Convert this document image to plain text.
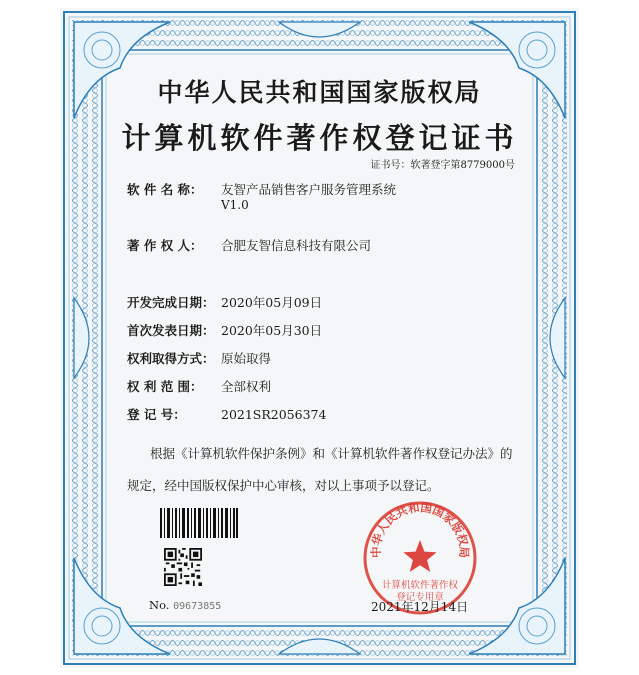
中华人民共和国国家版权局
计算机软件著作权登记证书
证书号：软著登字第8779000号
软 件 名 称： 友智产品销售客户服务管理系统
V1.0
著 作 权 人： 合肥友智信息科技有限公司
开发完成日期： 2020年05月09日
首次发表日期： 2020年05月30日
权利取得方式： 原始取得
权 利 范 围： 全部权利
登 记 号：	2021SR2056374
根据《计算机软件保护条例》和《计算机软件著作权登记办法》的
规定，经中国版权保护中心审核，对以上事项予以登记。
No. 09673855
中华人民共和国国家版权局
计算机软件著作权
登记专用章
2021年12月14日
